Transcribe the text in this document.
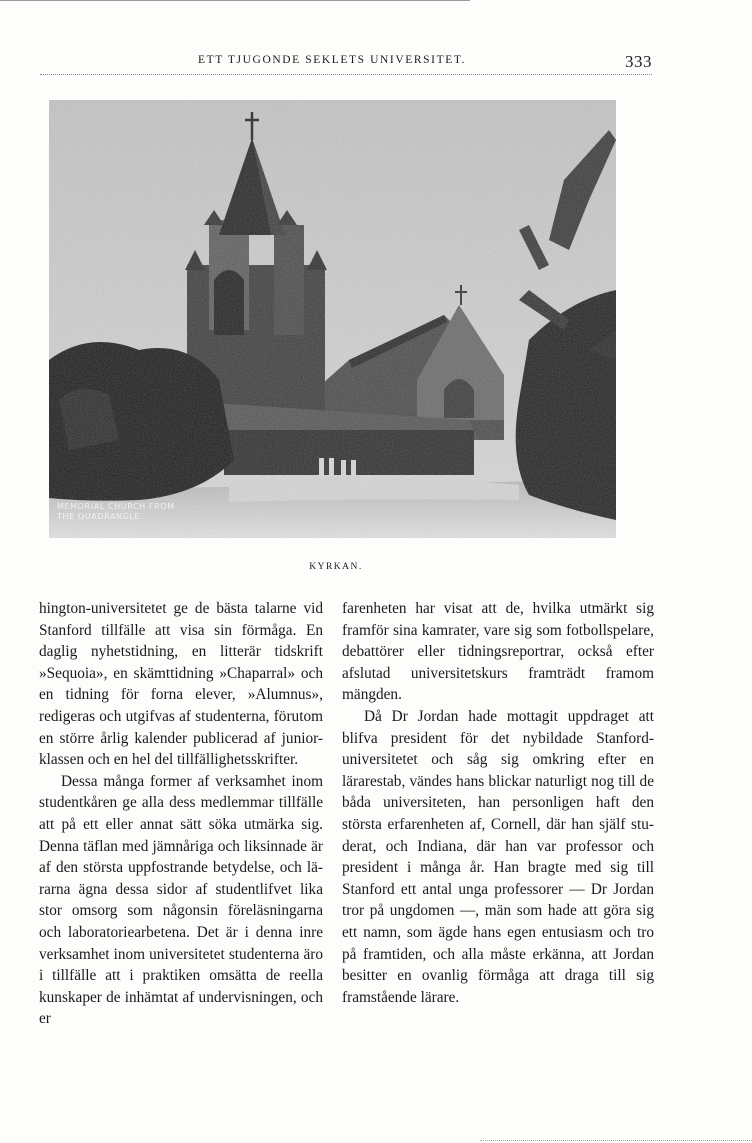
ETT TJUGONDE SEKLETS UNIVERSITET.	333
MEMORIAL CHURCH FROM
THE QUADRANGLE.
KYRKAN.

hington-universitetet ge de bästa talarne vid Stanford tillfälle att visa sin förmåga. En daglig nyhetstidning, en litterär tidskrift »Sequoia», en skämttidning »Chaparral» och en tidning för forna elever, »Alumnus», redigeras och utgifvas af studenterna, förutom en större årlig kalender publicerad af junior-klassen och en hel del tillfällighetsskrifter.

Dessa många former af verksamhet inom studentkåren ge alla dess medlemmar tillfälle att på ett eller annat sätt söka utmärka sig. Denna täflan med jämnåriga och liksinnade är af den största uppfostrande betydelse, och lärarna ägna dessa sidor af studentlifvet lika stor omsorg som någonsin föreläsningarna och laboratoriearbetena. Det är i denna inre verksamhet inom universitetet studenterna äro i tillfälle att i praktiken omsätta de reella kunskaper de inhämtat af undervisningen, och er

farenheten har visat att de, hvilka utmärkt sig framför sina kamrater, vare sig som fotbollspelare, debattörer eller tidningsreportrar, också efter afslutad universitetskurs framträdt framom mängden.

Då Dr Jordan hade mottagit uppdraget att blifva president för det nybildade Stanford-universitetet och såg sig omkring efter en lärarestab, vändes hans blickar naturligt nog till de båda universiteten, han personligen haft den största erfarenheten af, Cornell, där han själf studerat, och Indiana, där han var professor och president i många år. Han bragte med sig till Stanford ett antal unga professorer — Dr Jordan tror på ungdomen —, män som hade att göra sig ett namn, som ägde hans egen entusiasm och tro på framtiden, och alla måste erkänna, att Jordan besitter en ovanlig förmåga att draga till sig framstående lärare.
